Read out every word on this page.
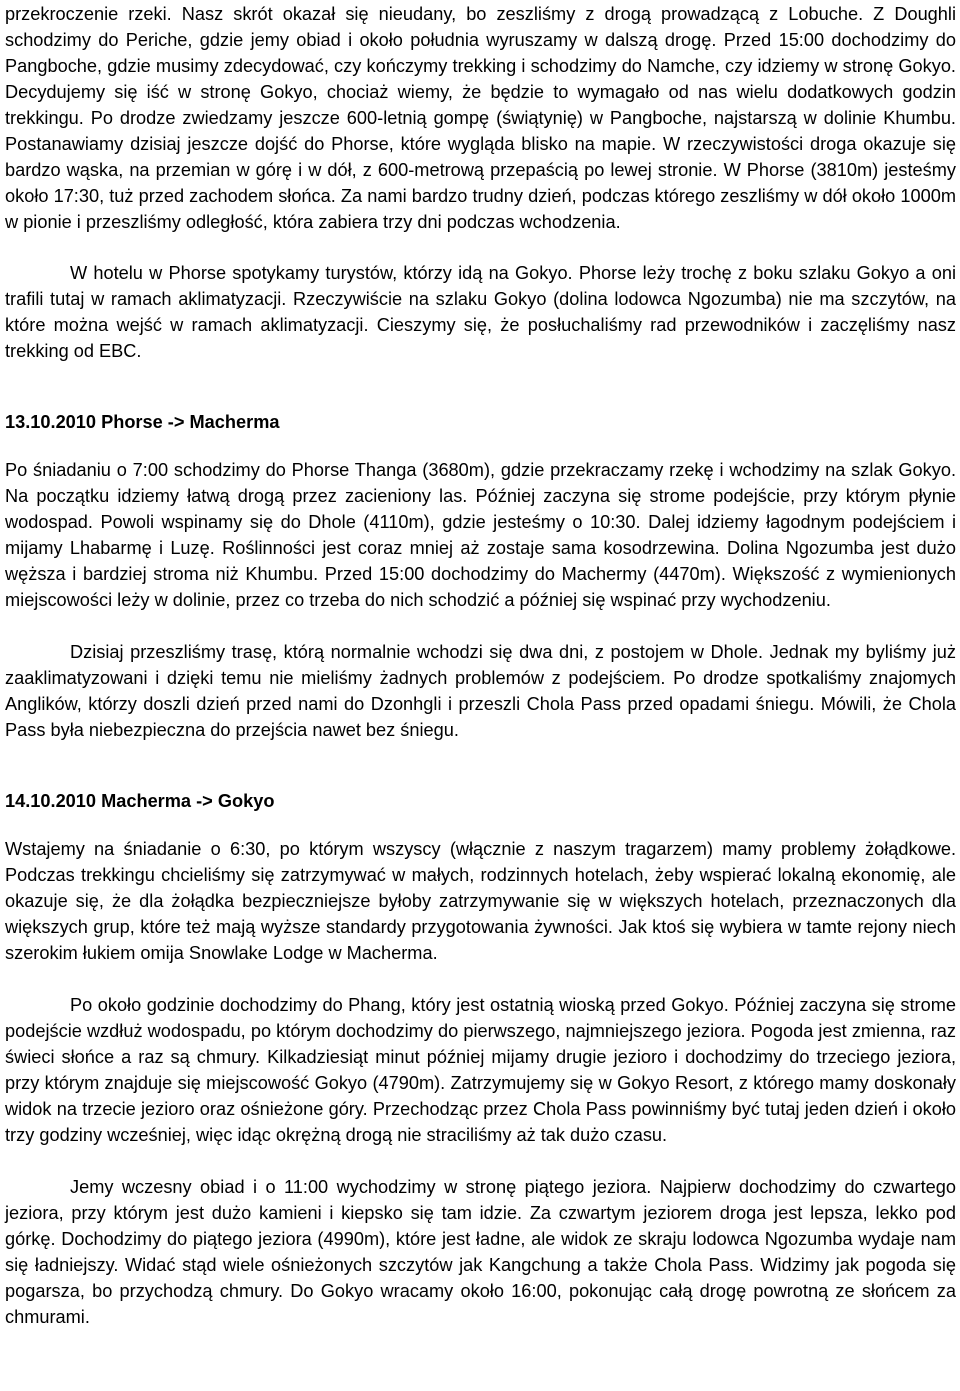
przekroczenie rzeki. Nasz skrót okazał się nieudany, bo zeszliśmy z drogą prowadzącą z Lobuche. Z Doughli schodzimy do Periche, gdzie jemy obiad i około południa wyruszamy w dalszą drogę. Przed 15:00 dochodzimy do Pangboche, gdzie musimy zdecydować, czy kończymy trekking i schodzimy do Namche, czy idziemy w stronę Gokyo. Decydujemy się iść w stronę Gokyo, chociaż wiemy, że będzie to wymagało od nas wielu dodatkowych godzin trekkingu. Po drodze zwiedzamy jeszcze 600-letnią gompę (świątynię) w Pangboche, najstarszą w dolinie Khumbu. Postanawiamy dzisiaj jeszcze dojść do Phorse, które wygląda blisko na mapie. W rzeczywistości droga okazuje się bardzo wąska, na przemian w górę i w dół, z 600-metrową przepaścią po lewej stronie. W Phorse (3810m) jesteśmy około 17:30, tuż przed zachodem słońca. Za nami bardzo trudny dzień, podczas którego zeszliśmy w dół około 1000m w pionie i przeszliśmy odległość, która zabiera trzy dni podczas wchodzenia.

W hotelu w Phorse spotykamy turystów, którzy idą na Gokyo. Phorse leży trochę z boku szlaku Gokyo a oni trafili tutaj w ramach aklimatyzacji. Rzeczywiście na szlaku Gokyo (dolina lodowca Ngozumba) nie ma szczytów, na które można wejść w ramach aklimatyzacji. Cieszymy się, że posłuchaliśmy rad przewodników i zaczęliśmy nasz trekking od EBC.

13.10.2010 Phorse -> Macherma

Po śniadaniu o 7:00 schodzimy do Phorse Thanga (3680m), gdzie przekraczamy rzekę i wchodzimy na szlak Gokyo. Na początku idziemy łatwą drogą przez zacieniony las. Później zaczyna się strome podejście, przy którym płynie wodospad. Powoli wspinamy się do Dhole (4110m), gdzie jesteśmy o 10:30. Dalej idziemy łagodnym podejściem i mijamy Lhabarmę i Luzę. Roślinności jest coraz mniej aż zostaje sama kosodrzewina. Dolina Ngozumba jest dużo węższa i bardziej stroma niż Khumbu. Przed 15:00 dochodzimy do Machermy (4470m). Większość z wymienionych miejscowości leży w dolinie, przez co trzeba do nich schodzić a później się wspinać przy wychodzeniu.

Dzisiaj przeszliśmy trasę, którą normalnie wchodzi się dwa dni, z postojem w Dhole. Jednak my byliśmy już zaaklimatyzowani i dzięki temu nie mieliśmy żadnych problemów z podejściem. Po drodze spotkaliśmy znajomych Anglików, którzy doszli dzień przed nami do Dzonhgli i przeszli Chola Pass przed opadami śniegu. Mówili, że Chola Pass była niebezpieczna do przejścia nawet bez śniegu.

14.10.2010 Macherma -> Gokyo

Wstajemy na śniadanie o 6:30, po którym wszyscy (włącznie z naszym tragarzem) mamy problemy żołądkowe. Podczas trekkingu chcieliśmy się zatrzymywać w małych, rodzinnych hotelach, żeby wspierać lokalną ekonomię, ale okazuje się, że dla żołądka bezpieczniejsze byłoby zatrzymywanie się w większych hotelach, przeznaczonych dla większych grup, które też mają wyższe standardy przygotowania żywności. Jak ktoś się wybiera w tamte rejony niech szerokim łukiem omija Snowlake Lodge w Macherma.

Po około godzinie dochodzimy do Phang, który jest ostatnią wioską przed Gokyo. Później zaczyna się strome podejście wzdłuż wodospadu, po którym dochodzimy do pierwszego, najmniejszego jeziora. Pogoda jest zmienna, raz świeci słońce a raz są chmury. Kilkadziesiąt minut później mijamy drugie jezioro i dochodzimy do trzeciego jeziora, przy którym znajduje się miejscowość Gokyo (4790m). Zatrzymujemy się w Gokyo Resort, z którego mamy doskonały widok na trzecie jezioro oraz ośnieżone góry. Przechodząc przez Chola Pass powinniśmy być tutaj jeden dzień i około trzy godziny wcześniej, więc idąc okrężną drogą nie straciliśmy aż tak dużo czasu.

Jemy wczesny obiad i o 11:00 wychodzimy w stronę piątego jeziora. Najpierw dochodzimy do czwartego jeziora, przy którym jest dużo kamieni i kiepsko się tam idzie. Za czwartym jeziorem droga jest lepsza, lekko pod górkę. Dochodzimy do piątego jeziora (4990m), które jest ładne, ale widok ze skraju lodowca Ngozumba wydaje nam się ładniejszy. Widać stąd wiele ośnieżonych szczytów jak Kangchung a także Chola Pass. Widzimy jak pogoda się pogarsza, bo przychodzą chmury. Do Gokyo wracamy około 16:00, pokonując całą drogę powrotną ze słońcem za chmurami.
